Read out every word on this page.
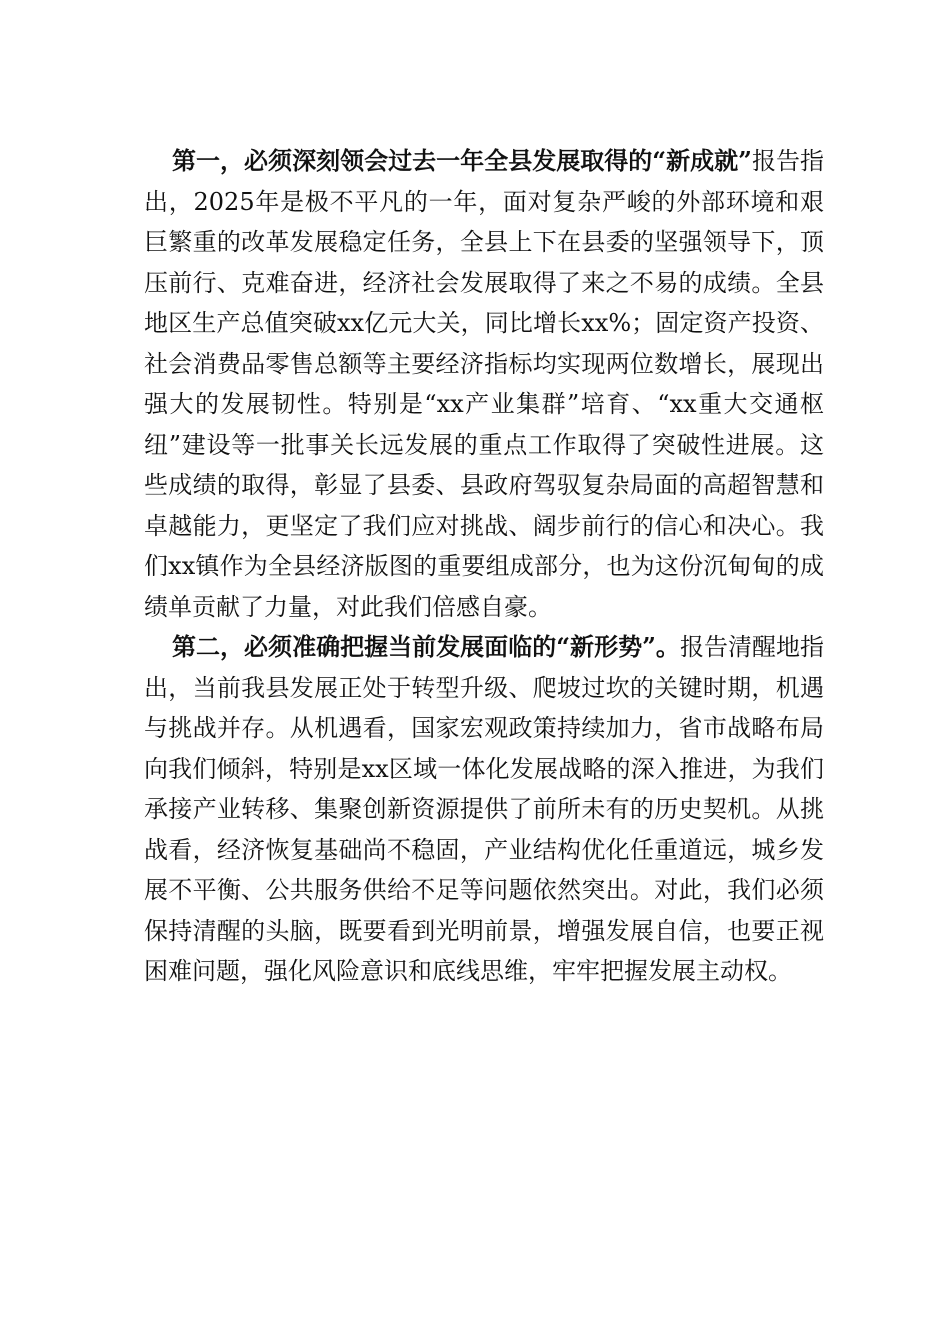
第一，必须深刻领会过去一年全县发展取得的“新成就”报告指出，2025年是极不平凡的一年，面对复杂严峻的外部环境和艰巨繁重的改革发展稳定任务，全县上下在县委的坚强领导下，顶压前行、克难奋进，经济社会发展取得了来之不易的成绩。全县地区生产总值突破xx亿元大关，同比增长xx%；固定资产投资、社会消费品零售总额等主要经济指标均实现两位数增长，展现出强大的发展韧性。特别是“xx产业集群”培育、“xx重大交通枢纽”建设等一批事关长远发展的重点工作取得了突破性进展。这些成绩的取得，彰显了县委、县政府驾驭复杂局面的高超智慧和卓越能力，更坚定了我们应对挑战、阔步前行的信心和决心。我们xx镇作为全县经济版图的重要组成部分，也为这份沉甸甸的成绩单贡献了力量，对此我们倍感自豪。

第二，必须准确把握当前发展面临的“新形势”。报告清醒地指出，当前我县发展正处于转型升级、爬坡过坎的关键时期，机遇与挑战并存。从机遇看，国家宏观政策持续加力，省市战略布局向我们倾斜，特别是xx区域一体化发展战略的深入推进，为我们承接产业转移、集聚创新资源提供了前所未有的历史契机。从挑战看，经济恢复基础尚不稳固，产业结构优化任重道远，城乡发展不平衡、公共服务供给不足等问题依然突出。对此，我们必须保持清醒的头脑，既要看到光明前景，增强发展自信，也要正视困难问题，强化风险意识和底线思维，牢牢把握发展主动权。
